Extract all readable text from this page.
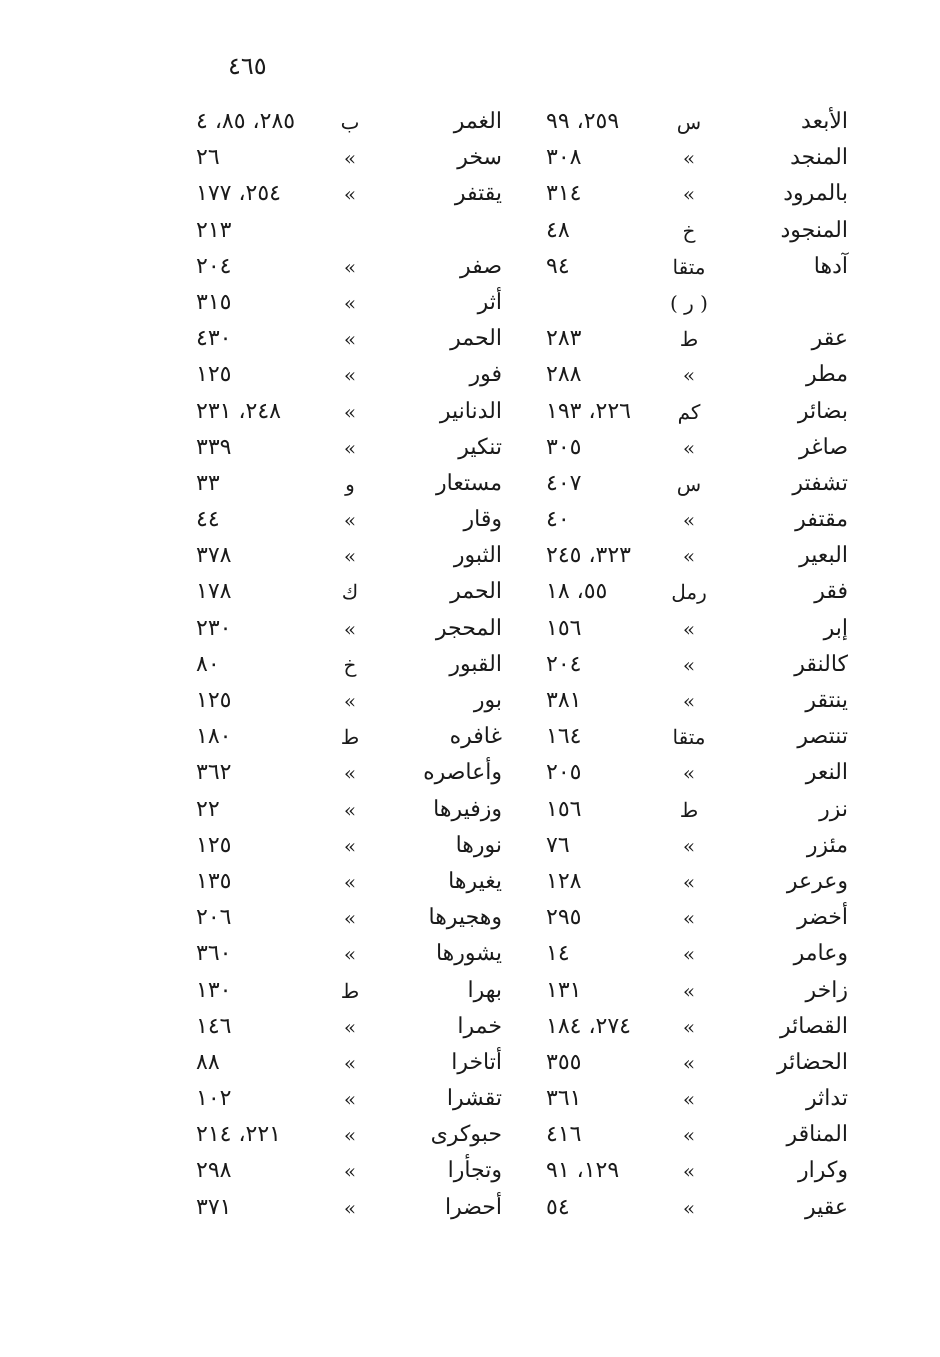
٤٦٥
الأبعد
س
٢٥٩، ٩٩
الغمر
ب
٢٨٥، ٨٥، ٤
المنجد
»
٣٠٨
سخر
»
٢٦
بالمرود
»
٣١٤
يقتفر
»
٢٥٤، ١٧٧
المنجود
خ
٤٨
٢١٣
آدها
متقا
٩٤
صفر
»
٢٠٤
( ر )
أثر
»
٣١٥
عقر
ط
٢٨٣
الحمر
»
٤٣٠
مطر
»
٢٨٨
فور
»
١٢٥
بضائر
كم
٢٢٦، ١٩٣
الدنانير
»
٢٤٨، ٢٣١
صاغر
»
٣٠٥
تنكير
»
٣٣٩
تشفتر
س
٤٠٧
مستعار
و
٣٣
مقتفر
»
٤٠
وقار
»
٤٤
البعير
»
٣٢٣، ٢٤٥
الثبور
»
٣٧٨
فقر
رمل
٥٥، ١٨
الحمر
ك
١٧٨
إبر
»
١٥٦
المحجر
»
٢٣٠
كالنقر
»
٢٠٤
القبور
خ
٨٠
ينتقر
»
٣٨١
بور
»
١٢٥
تنتصر
متقا
١٦٤
غافره
ط
١٨٠
النعر
»
٢٠٥
وأعاصره
»
٣٦٢
نزر
ط
١٥٦
وزفيرها
»
٢٢
مئزر
»
٧٦
نورها
»
١٢٥
وعرعر
»
١٢٨
يغيرها
»
١٣٥
أخضر
»
٢٩٥
وهجيرها
»
٢٠٦
وعامر
»
١٤
يشورها
»
٣٦٠
زاخر
»
١٣١
بهرا
ط
١٣٠
القصائر
»
٢٧٤، ١٨٤
خمرا
»
١٤٦
الحضائر
»
٣٥٥
أتاخرا
»
٨٨
تداثر
»
٣٦١
تقشرا
»
١٠٢
المناقر
»
٤١٦
حبوكرى
»
٢٢١، ٢١٤
وكرار
»
١٢٩، ٩١
وتجأرا
»
٢٩٨
عقير
»
٥٤
أحضرا
»
٣٧١
